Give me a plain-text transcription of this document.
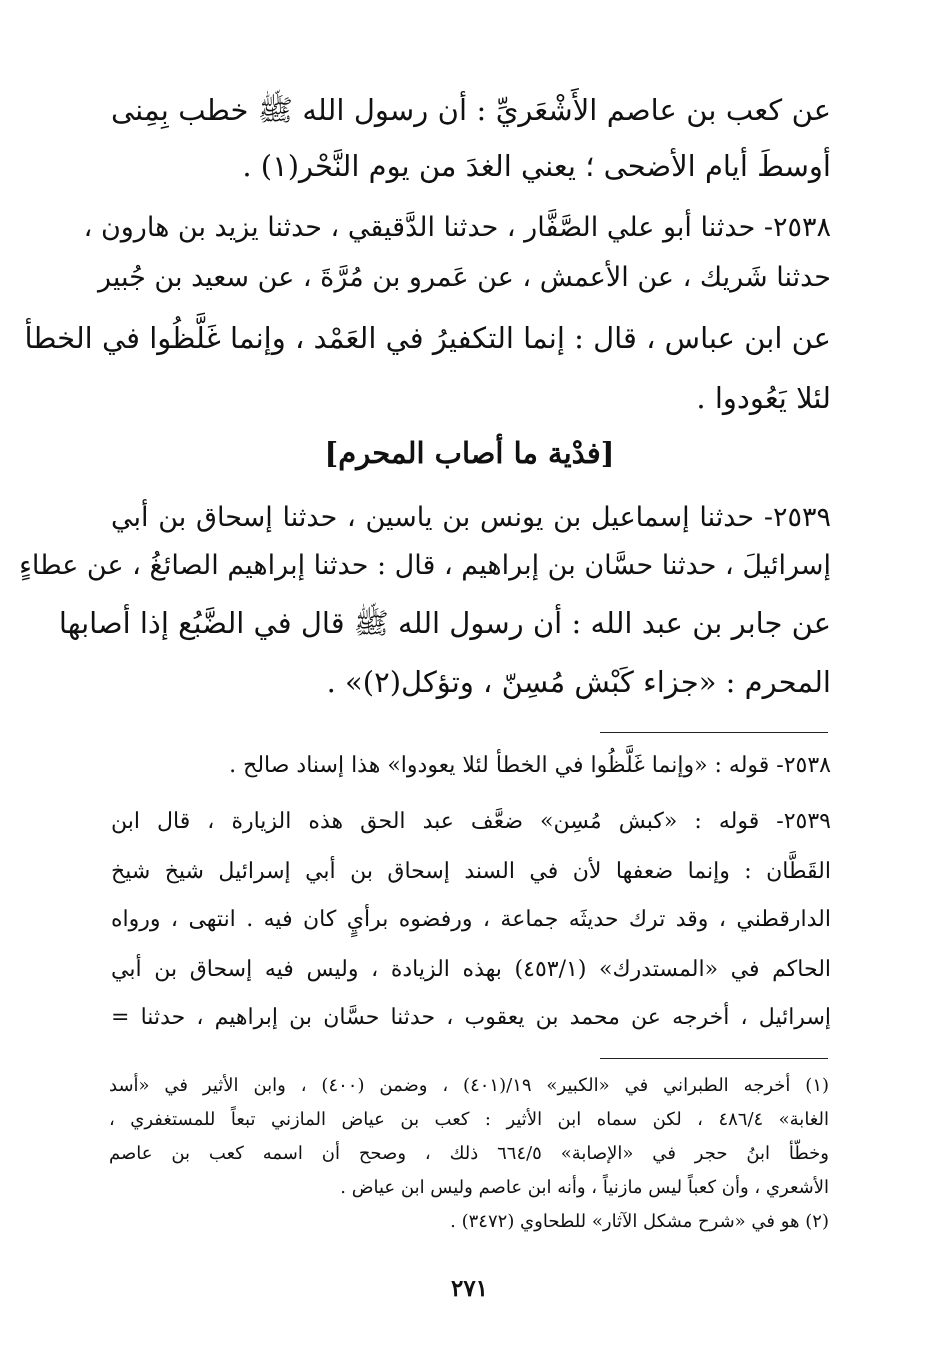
عن كعب بن عاصم الأَشْعَريِّ : أن رسول الله ﷺ خطب بِمِنى
أوسطَ أيام الأضحى ؛ يعني الغدَ من يوم النَّحْر(١) .
٢٥٣٨- حدثنا أبو علي الصَّفَّار ، حدثنا الدَّقيقي ، حدثنا يزيد بن هارون ،
حدثنا شَريك ، عن الأعمش ، عن عَمرو بن مُرَّةَ ، عن سعيد بن جُبير
عن ابن عباس ، قال : إنما التكفيرُ في العَمْد ، وإنما غَلَّظُوا في الخطأ
لئلا يَعُودوا .
[فدْية ما أصاب المحرم]
٢٥٣٩- حدثنا إسماعيل بن يونس بن ياسين ، حدثنا إسحاق بن أبي
إسرائيلَ ، حدثنا حسَّان بن إبراهيم ، قال : حدثنا إبراهيم الصائغُ ، عن عطاءٍ
عن جابر بن عبد الله : أن رسول الله ﷺ قال في الضَّبُع إذا أصابها
المحرم : «جزاء كَبْش مُسِنّ ، وتؤكل(٢)» .
٢٥٣٨- قوله : «وإنما غَلَّظُوا في الخطأ لئلا يعودوا» هذا إسناد صالح .
٢٥٣٩- قوله : «كبش مُسِن» ضعَّف عبد الحق هذه الزيارة ، قال ابن
القَطَّان : وإنما ضعفها لأن في السند إسحاق بن أبي إسرائيل شيخ شيخ
الدارقطني ، وقد ترك حديثَه جماعة ، ورفضوه برأيٍ كان فيه . انتهى ، ورواه
الحاكم في «المستدرك» (٤٥٣/١) بهذه الزيادة ، وليس فيه إسحاق بن أبي
إسرائيل ، أخرجه عن محمد بن يعقوب ، حدثنا حسَّان بن إبراهيم ، حدثنا =
(١) أخرجه الطبراني في «الكبير» ١٩/(٤٠١) ، وضمن (٤٠٠) ، وابن الأثير في «أسد
الغابة» ٤٨٦/٤ ، لكن سماه ابن الأثير : كعب بن عياض المازني تبعاً للمستغفري ،
وخطّأ ابنُ حجر في «الإصابة» ٦٦٤/٥ ذلك ، وصحح أن اسمه كعب بن عاصم
الأشعري ، وأن كعباً ليس مازنياً ، وأنه ابن عاصم وليس ابن عياض .
(٢) هو في «شرح مشكل الآثار» للطحاوي (٣٤٧٢) .
٢٧١
